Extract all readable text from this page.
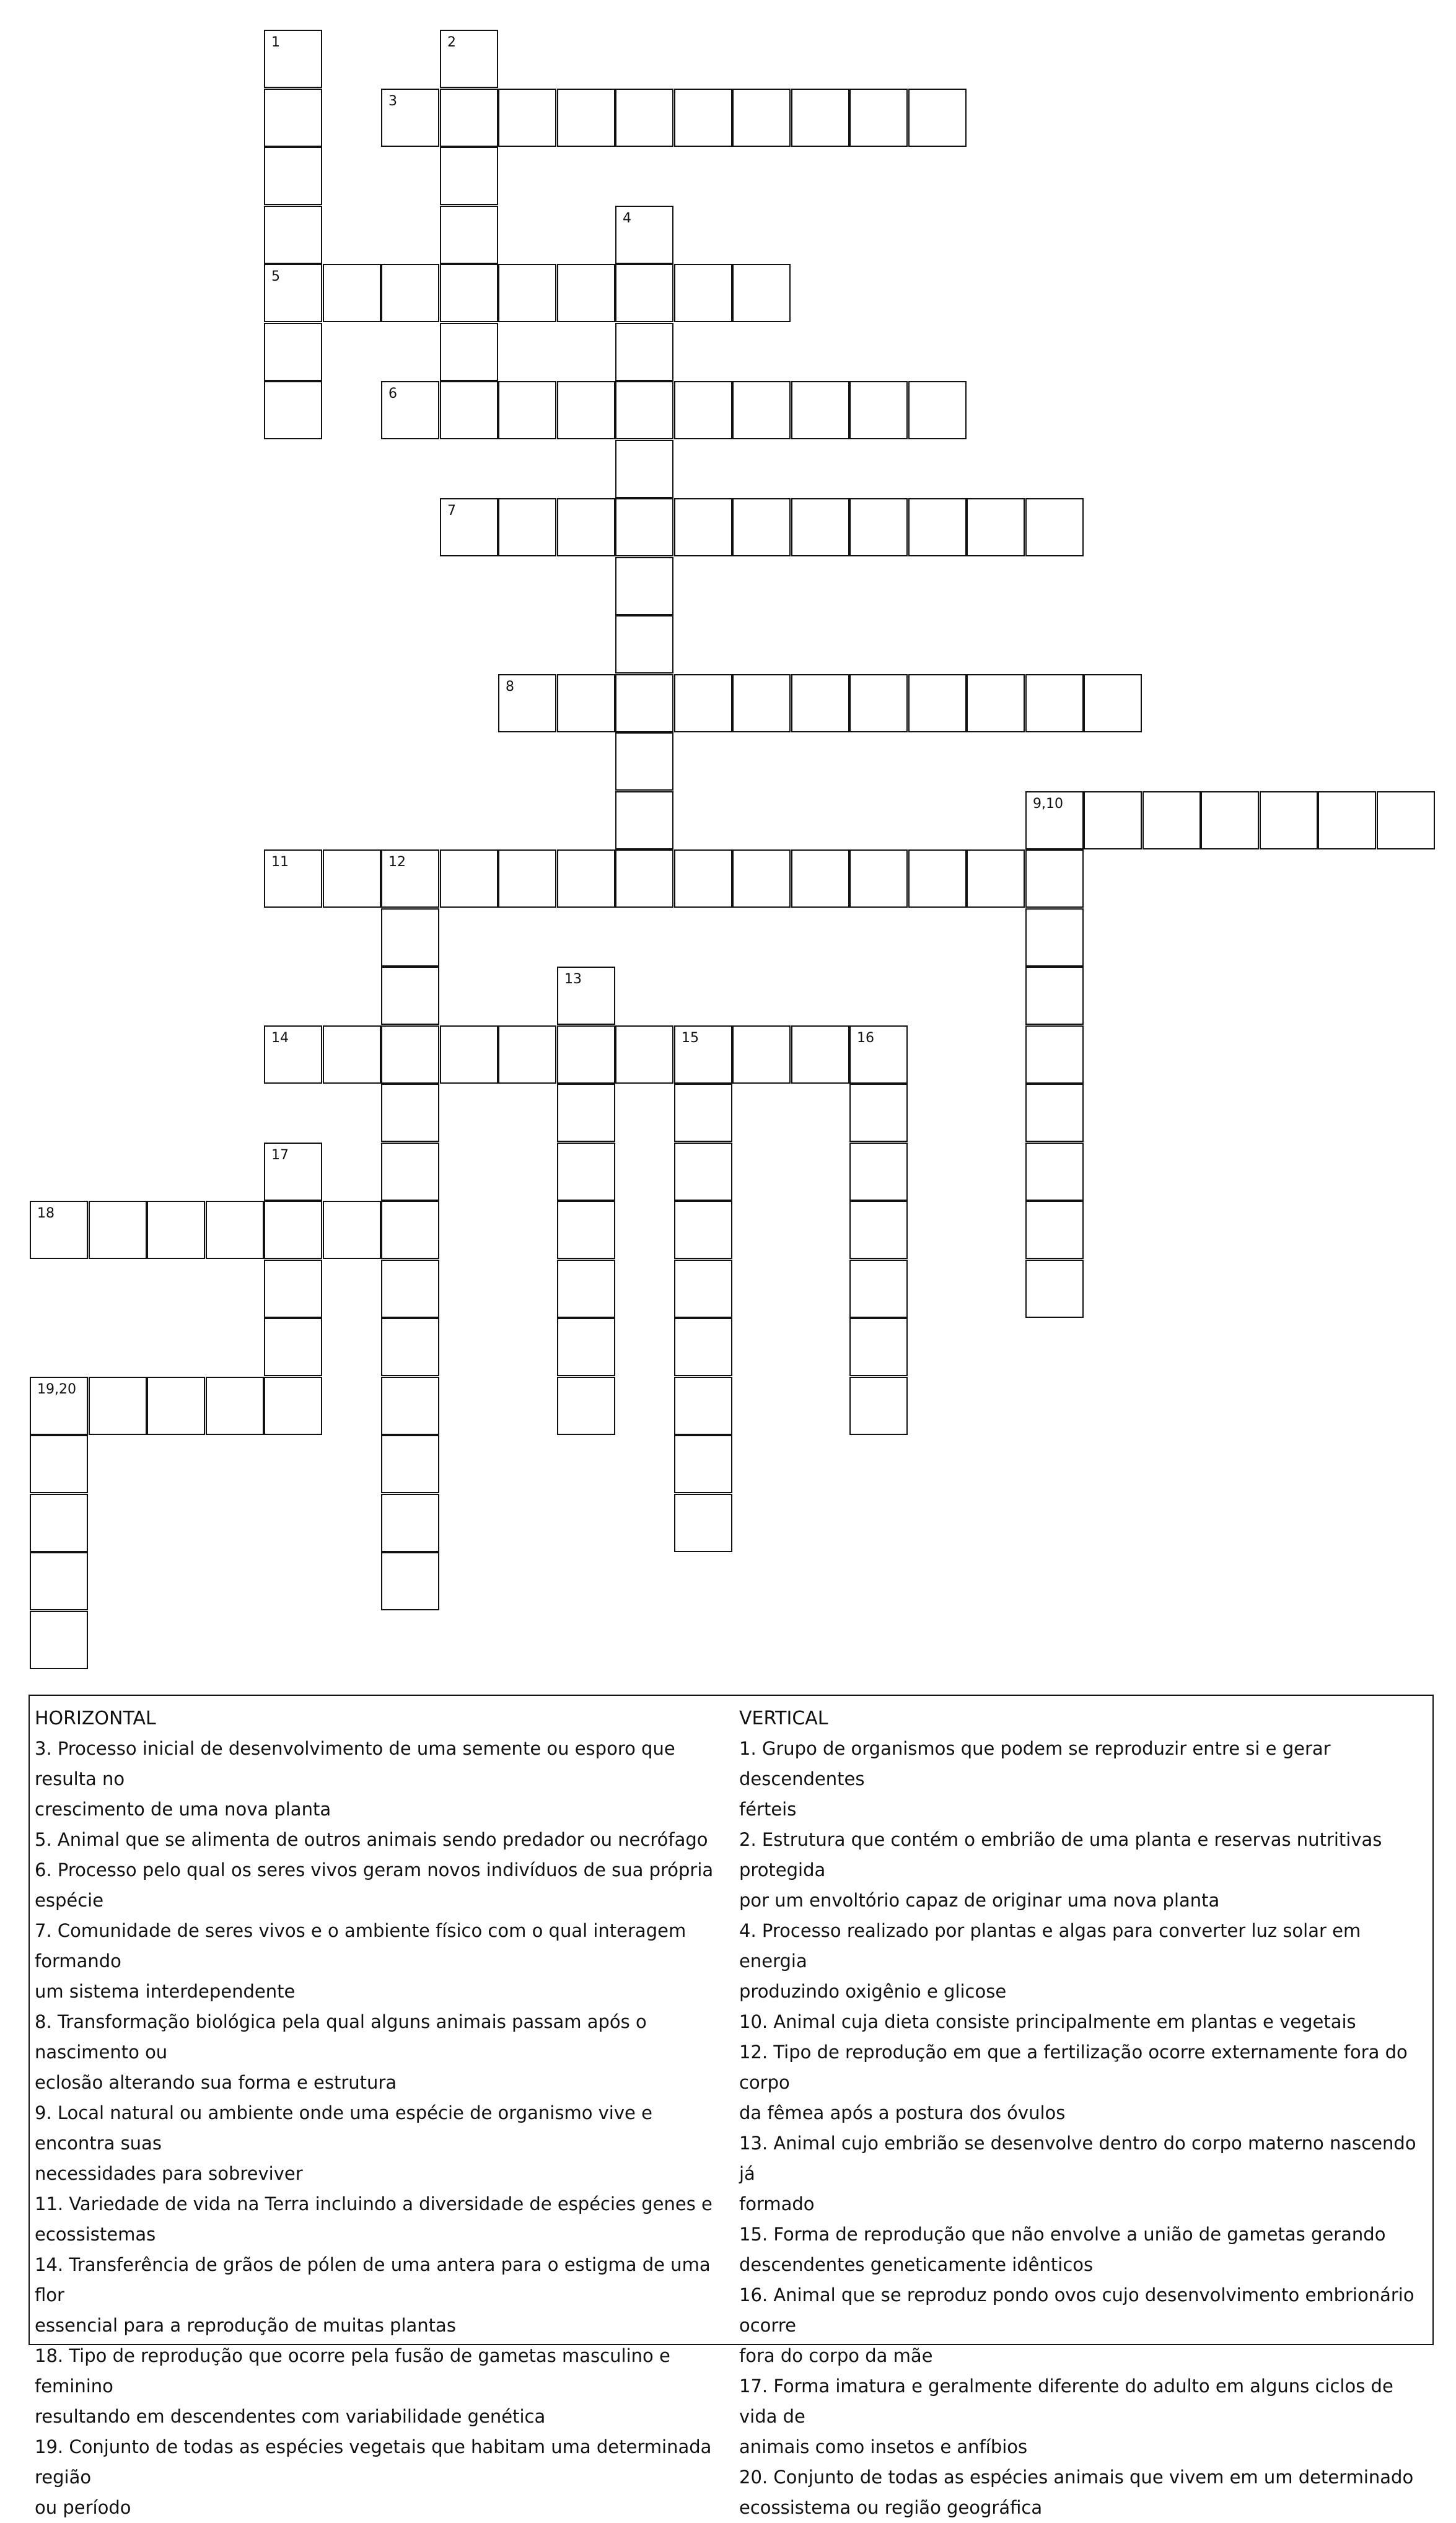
1
5
2
3
4
6
7
8
9,10
11	12
13
14	15	16
17
18
19,20
HORIZONTAL
3. Processo inicial de desenvolvimento de uma semente ou esporo que resulta no
crescimento de uma nova planta
5. Animal que se alimenta de outros animais sendo predador ou necrófago
6. Processo pelo qual os seres vivos geram novos indivíduos de sua própria espécie
7. Comunidade de seres vivos e o ambiente físico com o qual interagem formando
um sistema interdependente
8. Transformação biológica pela qual alguns animais passam após o nascimento ou
eclosão alterando sua forma e estrutura
9. Local natural ou ambiente onde uma espécie de organismo vive e encontra suas
necessidades para sobreviver
11. Variedade de vida na Terra incluindo a diversidade de espécies genes e
ecossistemas
14. Transferência de grãos de pólen de uma antera para o estigma de uma flor
essencial para a reprodução de muitas plantas
18. Tipo de reprodução que ocorre pela fusão de gametas masculino e feminino
resultando em descendentes com variabilidade genética
19. Conjunto de todas as espécies vegetais que habitam uma determinada região
ou período
VERTICAL
1. Grupo de organismos que podem se reproduzir entre si e gerar descendentes
férteis
2. Estrutura que contém o embrião de uma planta e reservas nutritivas protegida
por um envoltório capaz de originar uma nova planta
4. Processo realizado por plantas e algas para converter luz solar em energia
produzindo oxigênio e glicose
10. Animal cuja dieta consiste principalmente em plantas e vegetais
12. Tipo de reprodução em que a fertilização ocorre externamente fora do corpo
da fêmea após a postura dos óvulos
13. Animal cujo embrião se desenvolve dentro do corpo materno nascendo já
formado
15. Forma de reprodução que não envolve a união de gametas gerando
descendentes geneticamente idênticos
16. Animal que se reproduz pondo ovos cujo desenvolvimento embrionário ocorre
fora do corpo da mãe
17. Forma imatura e geralmente diferente do adulto em alguns ciclos de vida de
animais como insetos e anfíbios
20. Conjunto de todas as espécies animais que vivem em um determinado
ecossistema ou região geográfica
